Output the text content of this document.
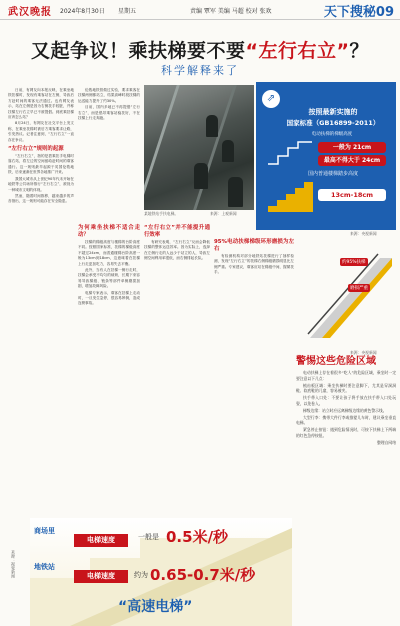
武汉晚报 2024年8月30日 星期五	责编 覃军 美编 马超 校对 张欢	天下搜秘09
又起争议！乘扶梯要不要“左行右立”？
科学解释来了

日前，有网友向本报反映，在乘坐地铁扶梯时，发现有乘客站在左侧，导致后方赶时间的乘客无法通过。也有网友表示，站在左侧是因为右侧扶手较脏，并称扶梯左行右立早已不被提倡。到底乘扶梯应该怎么站？

8月24日，有网友在社交平台上发文称，在乘坐扶梯时被后方乘客要求让路，引发热议。记者注意到，“左行右立”一直存在争议。

“左行右立”规则的起源

“左行右立”，指的是搭乘扶手电梯时靠右站，将左边的空间留给赶时间的乘客通行。这一规则最早起源于英国伦敦地铁，后来逐渐在世界各地推广开来。

我国大城市从上世纪90年代末开始在地铁等公共场所推行“左行右立”，被视为一种城市文明的体现。

然而，随着时间推移，越来越多的声音指出，这一规则可能存在安全隐患。

伦敦地铁曾做过实验，要求乘客在扶梯两侧都站立，结果高峰时段扶梯的运送能力提升了约30%。

目前，国内多地已不再提倡“左行右立”，而是倡导乘客站稳扶好，不在扶梯上行走奔跑。

某地铁站手扶电梯。	来源：上观新闻
按照最新实施的
国家标准（GB16899-2011）
电动扶梯的梯级高度
一般为 21cm
最高不得大于 24cm
国内普通楼梯踏步高度
13cm-18cm
⇗
来源：央视新闻

为何乘坐扶梯不适合走动？

扶梯的梯级高度与楼梯的台阶高度不同。按照国家标准，扶梯的梯级高度不超过24cm，而普通楼梯台阶高度一般为13cm到18cm，这意味着在扶梯上行走更加吃力，容易失去平衡。

此外，当有人在扶梯一侧行走时，扶梯会承受不均匀的载荷，长期下来容易导致梯级、链条等部件单侧磨损加剧，增加故障风险。

电梯专家表示，乘客在扶梯上走动时，一旦发生急停，很容易摔倒，造成连锁事故。

“左行右立”并不能提升通行效率

有研究表明，“左行右立”反而会降低扶梯的整体运送效率。因为实际上，选择在左侧行走的人远少于站立的人，导致左侧空间利用率很低，而右侧排起长队。

95%电动扶梯梯级环形磨损为左右

有检测机构对部分地铁站扶梯进行了抽样检测，发现“左行右立”的扶梯右侧梯级磨损明显比左侧严重。专家建议，乘客应站在梯级中间，握紧扶手。

约95%扶梯
磨损严重
来源：央视新闻
警惕这些危险区域

电动扶梯上存在着很多“吃人”的危险区域，乘坐时一定要注意以下几点：

梳齿板区域：乘坐扶梯时要注意脚下，尤其是穿洞洞鞋、软底鞋的儿童，容易被夹。

扶手带入口处：不要让孩子将手放在扶手带入口处玩耍，以免卷入。

梯级边缘：站立时应远离梯级边缘的黄色警示线。

大型行李：携带大件行李或推婴儿车时，建议乘坐垂直电梯。

紧急停止按钮：遇到危险情况时，可按下扶梯上下两端的红色急停按钮。

整理自网络

商场里
电梯速度	一般是 0.5米/秒
地铁站
电梯速度	约为 0.65-0.7米/秒
“高速电梯”
来源：视觉新闻
